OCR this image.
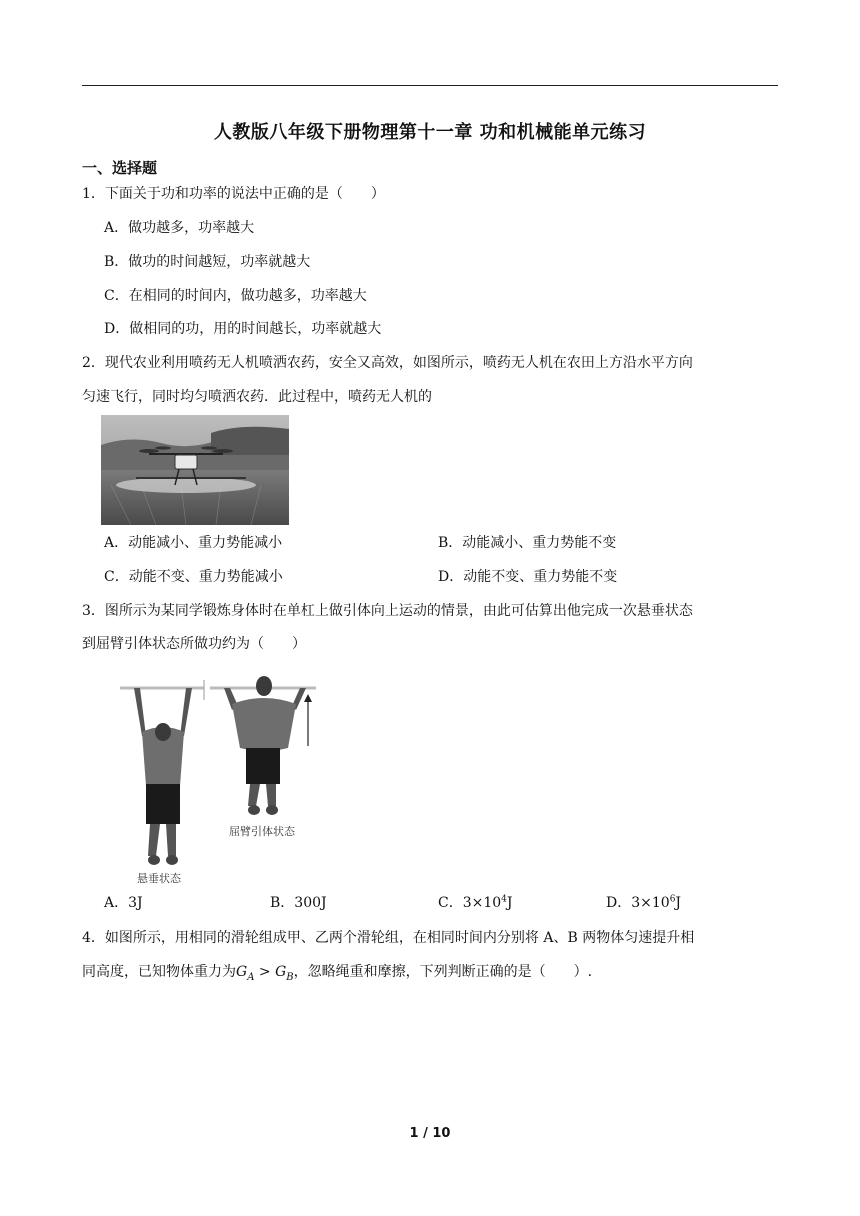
人教版八年级下册物理第十一章 功和机械能单元练习
一、选择题
1．下面关于功和功率的说法中正确的是（　　）
A．做功越多，功率越大
B．做功的时间越短，功率就越大
C．在相同的时间内，做功越多，功率越大
D．做相同的功，用的时间越长，功率就越大
2．现代农业利用喷药无人机喷洒农药，安全又高效，如图所示，喷药无人机在农田上方沿水平方向
匀速飞行，同时均匀喷洒农药．此过程中，喷药无人机的
A．动能减小、重力势能减小	B．动能减小、重力势能不变
C．动能不变、重力势能减小	D．动能不变、重力势能不变
3．图所示为某同学锻炼身体时在单杠上做引体向上运动的情景，由此可估算出他完成一次悬垂状态
到屈臂引体状态所做功约为（　　）
屈臂引体状态
悬垂状态
A．3J	B．300J	C．$3\times 10^4J$	D．$3\times 10^6J$
4．如图所示，用相同的滑轮组成甲、乙两个滑轮组，在相同时间内分别将 A、B 两物体匀速提升相
同高度，已知物体重力为$G_A > G_B$，忽略绳重和摩擦，下列判断正确的是（　　）.
1 / 10
